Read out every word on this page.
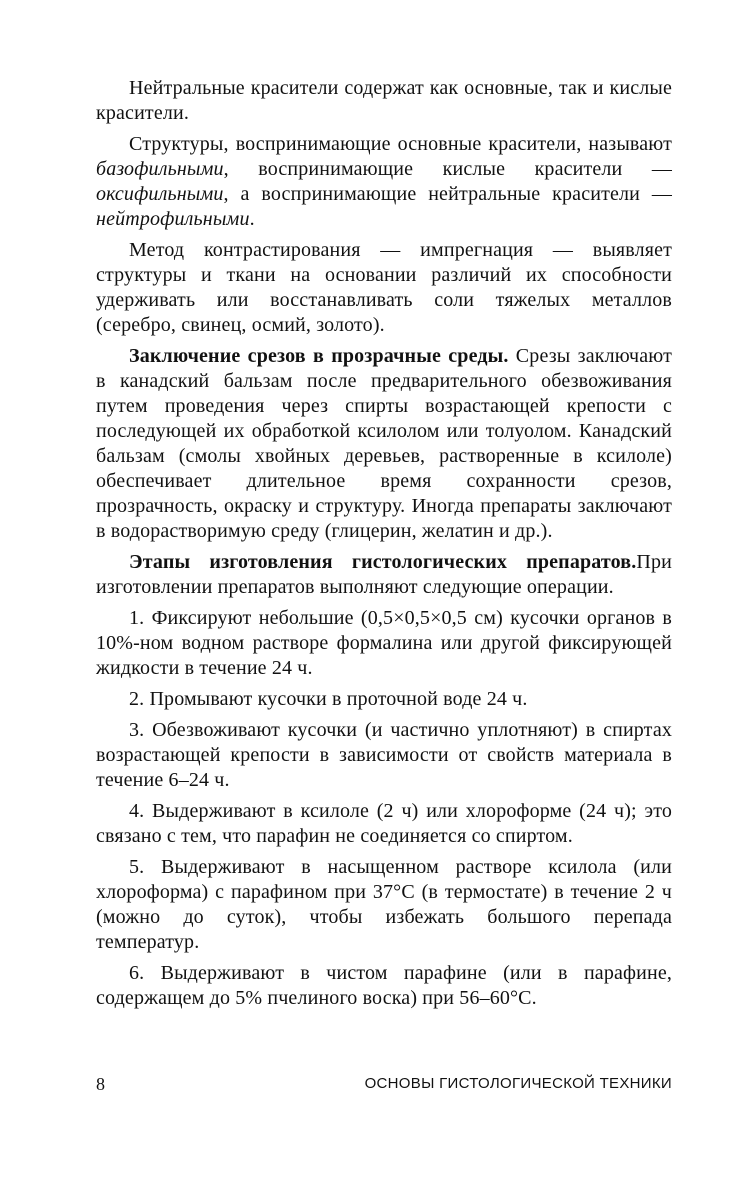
Нейтральные красители содержат как основные, так и кислые красители.

Структуры, воспринимающие основные красители, называют базофильными, воспринимающие кислые красители — оксифильными, а воспринимающие нейтральные красители — нейтрофильными.

Метод контрастирования — импрегнация — выявляет структуры и ткани на основании различий их способности удерживать или восстанавливать соли тяжелых металлов (серебро, свинец, осмий, золото).

Заключение срезов в прозрачные среды. Срезы заключают в канадский бальзам после предварительного обезвоживания путем проведения через спирты возрастающей крепости с последующей их обработкой ксилолом или толуолом. Канадский бальзам (смолы хвойных деревьев, растворенные в ксилоле) обеспечивает длительное время сохранности срезов, прозрачность, окраску и структуру. Иногда препараты заключают в водорастворимую среду (глицерин, желатин и др.).

Этапы изготовления гистологических препаратов.При изготовлении препаратов выполняют следующие операции.

1. Фиксируют небольшие (0,5×0,5×0,5 см) кусочки органов в 10%-ном водном растворе формалина или другой фиксирующей жидкости в течение 24 ч.

2. Промывают кусочки в проточной воде 24 ч.

3. Обезвоживают кусочки (и частично уплотняют) в спиртах возрастающей крепости в зависимости от свойств материала в течение 6–24 ч.

4. Выдерживают в ксилоле (2 ч) или хлороформе (24 ч); это связано с тем, что парафин не соединяется со спиртом.

5. Выдерживают в насыщенном растворе ксилола (или хлороформа) с парафином при 37°С (в термостате) в течение 2 ч (можно до суток), чтобы избежать большого перепада температур.

6. Выдерживают в чистом парафине (или в парафине, содержащем до 5% пчелиного воска) при 56–60°С.

8	ОСНОВЫ ГИСТОЛОГИЧЕСКОЙ ТЕХНИКИ
